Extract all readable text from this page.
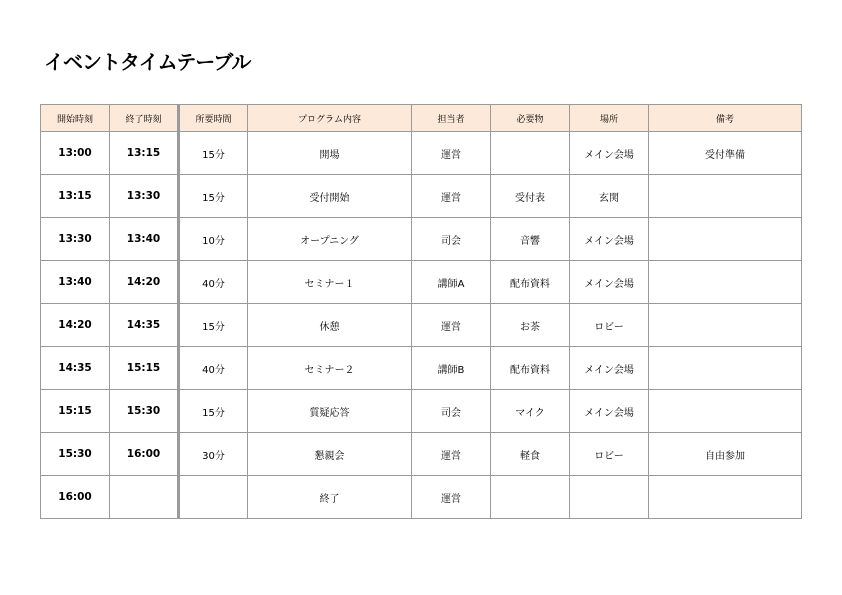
イベントタイムテーブル
開始時刻	終了時刻	所要時間	プログラム内容	担当者	必要物	場所	備考
13:00	13:15	15分	開場	運営		メイン会場	受付準備
13:15	13:30	15分	受付開始	運営	受付表	玄関	
13:30	13:40	10分	オープニング	司会	音響	メイン会場	
13:40	14:20	40分	セミナー１	講師A	配布資料	メイン会場	
14:20	14:35	15分	休憩	運営	お茶	ロビー	
14:35	15:15	40分	セミナー２	講師B	配布資料	メイン会場	
15:15	15:30	15分	質疑応答	司会	マイク	メイン会場	
15:30	16:00	30分	懇親会	運営	軽食	ロビー	自由参加
16:00			終了	運営			
